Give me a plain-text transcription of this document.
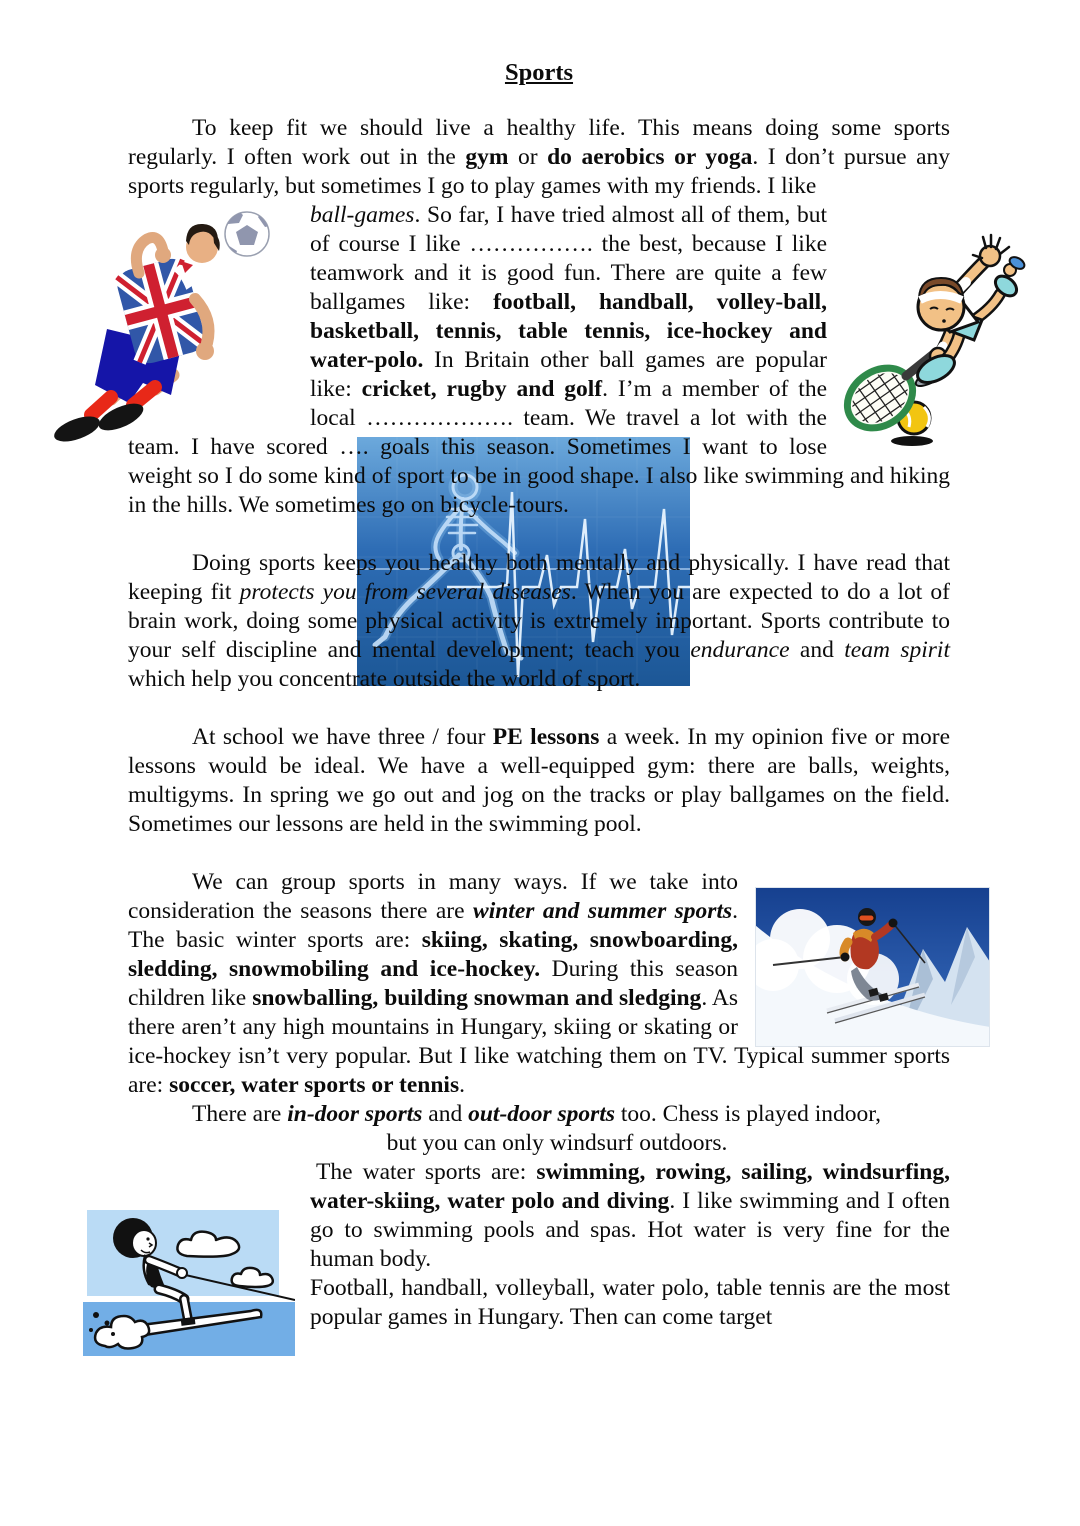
Sports

To keep fit we should live a healthy life. This means doing some sports regularly. I often work out in the gym or do aerobics or yoga. I don’t pursue any sports regularly, but sometimes I go to play games with my friends. I like

ball-games. So far, I have tried almost all of them, but of course I like ……………. the best, because I like teamwork and it is good fun. There are quite a few ballgames like: football, handball, volley-ball, basketball, tennis, table tennis, ice-hockey and water-polo. In Britain other ball games are popular like: cricket, rugby and golf. I’m a member of the local ………………. team. We travel a lot with the team. I have scored …. goals this season. Sometimes I want to lose weight so I do some kind of sport to be in good shape. I also like swimming and hiking in the hills. We sometimes go on bicycle-tours.

Doing sports keeps you healthy both mentally and physically. I have read that keeping fit protects you from several diseases. When you are expected to do a lot of brain work, doing some physical activity is extremely important. Sports contribute to your self discipline and mental development; teach you endurance and team spirit which help you concentrate outside the world of sport.

At school we have three / four PE lessons a week. In my opinion five or more lessons would be ideal. We have a well-equipped gym: there are balls, weights, multigyms. In spring we go out and jog on the tracks or play ballgames on the field. Sometimes our lessons are held in the swimming pool.

We can group sports in many ways. If we take into consideration the seasons there are winter and summer sports. The basic winter sports are: skiing, skating, snowboarding, sledding, snowmobiling and ice-hockey. During this season children like snowballing, building snowman and sledging. As there aren’t any high mountains in Hungary, skiing or skating or ice-hockey isn’t very popular. But I like watching them on TV. Typical summer sports are: soccer, water sports or tennis.

There are in-door sports and out-door sports too. Chess is played indoor,

but you can only windsurf outdoors.

The water sports are: swimming, rowing, sailing, windsurfing, water-skiing, water polo and diving. I like swimming and I often go to swimming pools and spas. Hot water is very fine for the human body.

Football, handball, volleyball, water polo, table tennis are the most popular games in Hungary. Then can come target
